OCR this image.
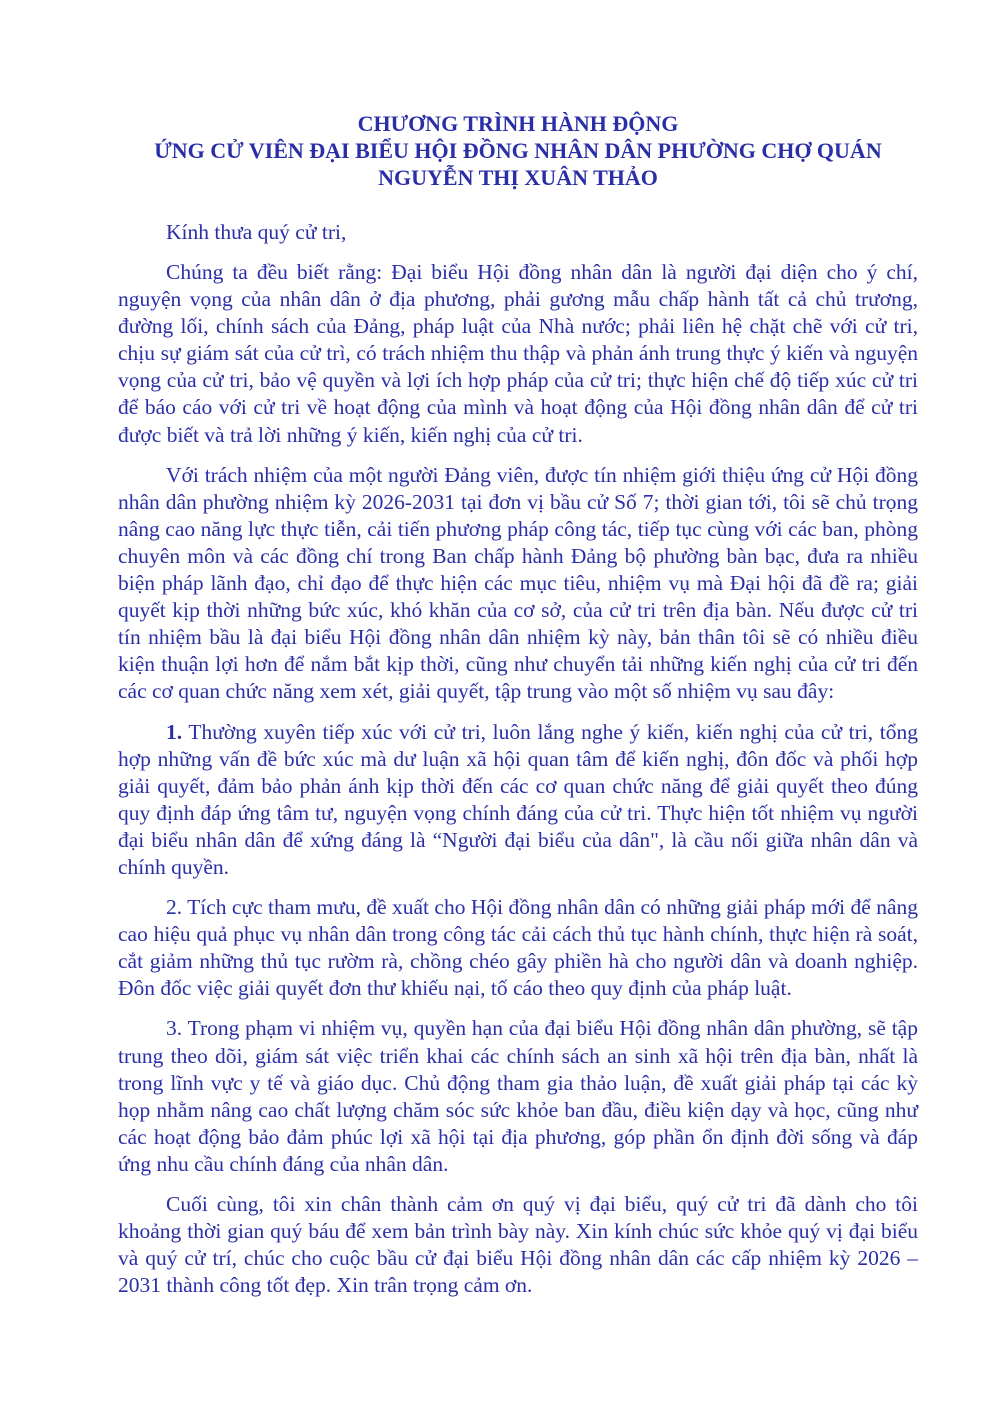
CHƯƠNG TRÌNH HÀNH ĐỘNG
ỨNG CỬ VIÊN ĐẠI BIỂU HỘI ĐỒNG NHÂN DÂN PHƯỜNG CHỢ QUÁN
NGUYỄN THỊ XUÂN THẢO

Kính thưa quý cử tri,

Chúng ta đều biết rằng: Đại biểu Hội đồng nhân dân là người đại diện cho ý chí, nguyện vọng của nhân dân ở địa phương, phải gương mẫu chấp hành tất cả chủ trương, đường lối, chính sách của Đảng, pháp luật của Nhà nước; phải liên hệ chặt chẽ với cử tri, chịu sự giám sát của cử trì, có trách nhiệm thu thập và phản ánh trung thực ý kiến và nguyện vọng của cử tri, bảo vệ quyền và lợi ích hợp pháp của cử tri; thực hiện chế độ tiếp xúc cử tri để báo cáo với cử tri về hoạt động của mình và hoạt động của Hội đồng nhân dân để cử tri được biết và trả lời những ý kiến, kiến nghị của cử tri.

Với trách nhiệm của một người Đảng viên, được tín nhiệm giới thiệu ứng cử Hội đồng nhân dân phường nhiệm kỳ 2026-2031 tại đơn vị bầu cử Số 7; thời gian tới, tôi sẽ chủ trọng nâng cao năng lực thực tiễn, cải tiến phương pháp công tác, tiếp tục cùng với các ban, phòng chuyên môn và các đồng chí trong Ban chấp hành Đảng bộ phường bàn bạc, đưa ra nhiều biện pháp lãnh đạo, chỉ đạo để thực hiện các mục tiêu, nhiệm vụ mà Đại hội đã đề ra; giải quyết kịp thời những bức xúc, khó khăn của cơ sở, của cử tri trên địa bàn. Nếu được cử tri tín nhiệm bầu là đại biểu Hội đồng nhân dân nhiệm kỳ này, bản thân tôi sẽ có nhiều điều kiện thuận lợi hơn để nắm bắt kịp thời, cũng như chuyển tải những kiến nghị của cử tri đến các cơ quan chức năng xem xét, giải quyết, tập trung vào một số nhiệm vụ sau đây:

1. Thường xuyên tiếp xúc với cử tri, luôn lắng nghe ý kiến, kiến nghị của cử tri, tổng hợp những vấn đề bức xúc mà dư luận xã hội quan tâm để kiến nghị, đôn đốc và phối hợp giải quyết, đảm bảo phản ánh kịp thời đến các cơ quan chức năng để giải quyết theo đúng quy định đáp ứng tâm tư, nguyện vọng chính đáng của cử tri. Thực hiện tốt nhiệm vụ người đại biểu nhân dân để xứng đáng là “Người đại biểu của dân", là cầu nối giữa nhân dân và chính quyền.

2. Tích cực tham mưu, đề xuất cho Hội đồng nhân dân có những giải pháp mới để nâng cao hiệu quả phục vụ nhân dân trong công tác cải cách thủ tục hành chính, thực hiện rà soát, cắt giảm những thủ tục rườm rà, chồng chéo gây phiền hà cho người dân và doanh nghiệp. Đôn đốc việc giải quyết đơn thư khiếu nại, tố cáo theo quy định của pháp luật.

3. Trong phạm vi nhiệm vụ, quyền hạn của đại biểu Hội đồng nhân dân phường, sẽ tập trung theo dõi, giám sát việc triển khai các chính sách an sinh xã hội trên địa bàn, nhất là trong lĩnh vực y tế và giáo dục. Chủ động tham gia thảo luận, đề xuất giải pháp tại các kỳ họp nhằm nâng cao chất lượng chăm sóc sức khỏe ban đầu, điều kiện dạy và học, cũng như các hoạt động bảo đảm phúc lợi xã hội tại địa phương, góp phần ổn định đời sống và đáp ứng nhu cầu chính đáng của nhân dân.

Cuối cùng, tôi xin chân thành cảm ơn quý vị đại biểu, quý cử tri đã dành cho tôi khoảng thời gian quý báu để xem bản trình bày này. Xin kính chúc sức khỏe quý vị đại biểu và quý cử trí, chúc cho cuộc bầu cử đại biểu Hội đồng nhân dân các cấp nhiệm kỳ 2026 – 2031 thành công tốt đẹp. Xin trân trọng cảm ơn.
